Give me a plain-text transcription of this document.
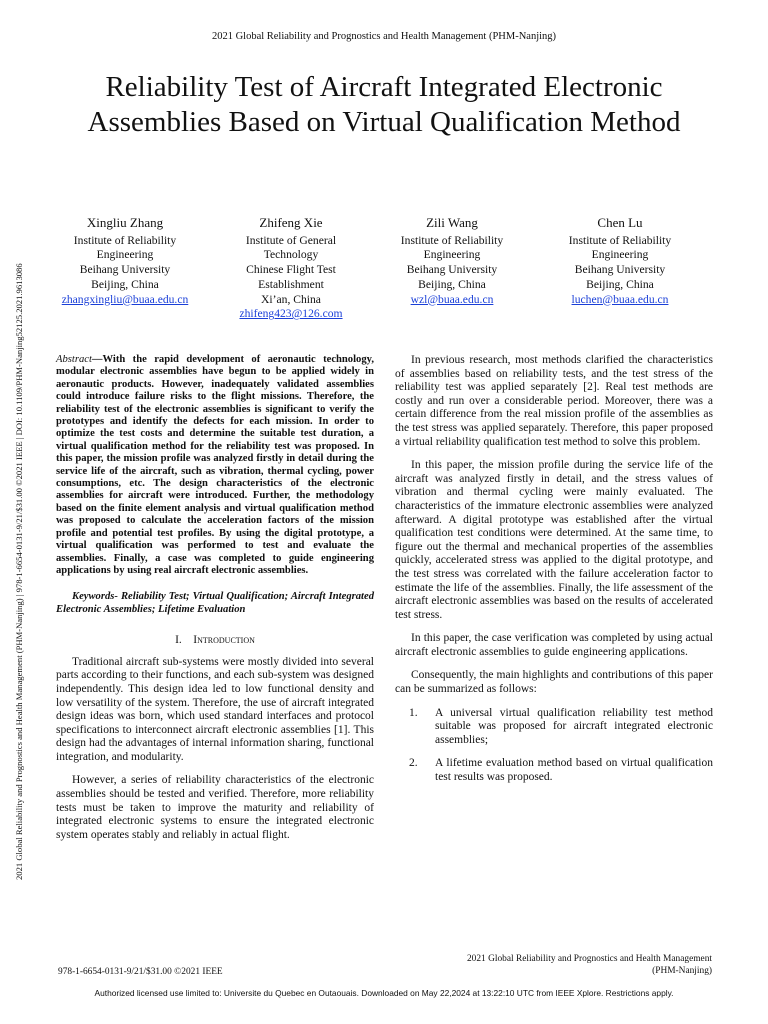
2021 Global Reliability and Prognostics and Health Management (PHM-Nanjing)
Reliability Test of Aircraft Integrated Electronic
Assemblies Based on Virtual Qualification Method
2021 Global Reliability and Prognostics and Health Management (PHM-Nanjing) | 978-1-6654-0131-9/21/$31.00 ©2021 IEEE | DOI: 10.1109/PHM-Nanjing52125.2021.9613086
Xingliu Zhang
Institute of Reliability
Engineering
Beihang University
Beijing, China
zhangxingliu@buaa.edu.cn
Zhifeng Xie
Institute of General
Technology
Chinese Flight Test
Establishment
Xi’an, China
zhifeng423@126.com
Zili Wang
Institute of Reliability
Engineering
Beihang University
Beijing, China
wzl@buaa.edu.cn
Chen Lu
Institute of Reliability
Engineering
Beihang University
Beijing, China
luchen@buaa.edu.cn
Abstract—With the rapid development of aeronautic technology, modular electronic assemblies have begun to be applied widely in aeronautic products. However, inadequately validated assemblies could introduce failure risks to the flight missions. Therefore, the reliability test of the electronic assemblies is significant to verify the prototypes and identify the defects for each mission. In order to optimize the test costs and determine the suitable test duration, a virtual qualification method for the reliability test was proposed. In this paper, the mission profile was analyzed firstly in detail during the service life of the aircraft, such as vibration, thermal cycling, power consumptions, etc. The design characteristics of the electronic assemblies for aircraft were introduced. Further, the methodology based on the finite element analysis and virtual qualification method was proposed to calculate the acceleration factors of the mission profile and potential test profiles. By using the digital prototype, a virtual qualification was performed to test and evaluate the assemblies. Finally, a case was completed to guide engineering applications by using real aircraft electronic assemblies.
Keywords- Reliability Test; Virtual Qualification; Aircraft Integrated Electronic Assemblies; Lifetime Evaluation
I. Introduction

Traditional aircraft sub-systems were mostly divided into several parts according to their functions, and each sub-system was designed independently. This design idea led to low functional density and low versatility of the system. Therefore, the use of aircraft integrated design ideas was born, which used standard interfaces and protocol specifications to interconnect aircraft electronic assemblies [1]. This design had the advantages of internal information sharing, functional integration, and modularity.

However, a series of reliability characteristics of the electronic assemblies should be tested and verified. Therefore, more reliability tests must be taken to improve the maturity and reliability of integrated electronic systems to ensure the integrated electronic system operates stably and reliably in actual flight.

In previous research, most methods clarified the characteristics of assemblies based on reliability tests, and the test stress of the reliability test was applied separately [2]. Real test methods are costly and run over a considerable period. Moreover, there was a certain difference from the real mission profile of the assemblies as the test stress was applied separately. Therefore, this paper proposed a virtual reliability qualification test method to solve this problem.

In this paper, the mission profile during the service life of the aircraft was analyzed firstly in detail, and the stress values of vibration and thermal cycling were mainly evaluated. The characteristics of the immature electronic assemblies were analyzed afterward. A digital prototype was established after the virtual qualification test conditions were determined. At the same time, to figure out the thermal and mechanical properties of the assemblies quickly, accelerated stress was applied to the digital prototype, and the test stress was correlated with the failure acceleration factor to estimate the life of the assemblies. Finally, the life assessment of the aircraft electronic assemblies was based on the results of accelerated test stress.

In this paper, the case verification was completed by using actual aircraft electronic assemblies to guide engineering applications.

Consequently, the main highlights and contributions of this paper can be summarized as follows:

1. A universal virtual qualification reliability test method suitable was proposed for aircraft integrated electronic assemblies;
2. A lifetime evaluation method based on virtual qualification test results was proposed.
2021 Global Reliability and Prognostics and Health Management
(PHM-Nanjing)
978-1-6654-0131-9/21/$31.00 ©2021 IEEE
Authorized licensed use limited to: Universite du Quebec en Outaouais. Downloaded on May 22,2024 at 13:22:10 UTC from IEEE Xplore. Restrictions apply.
